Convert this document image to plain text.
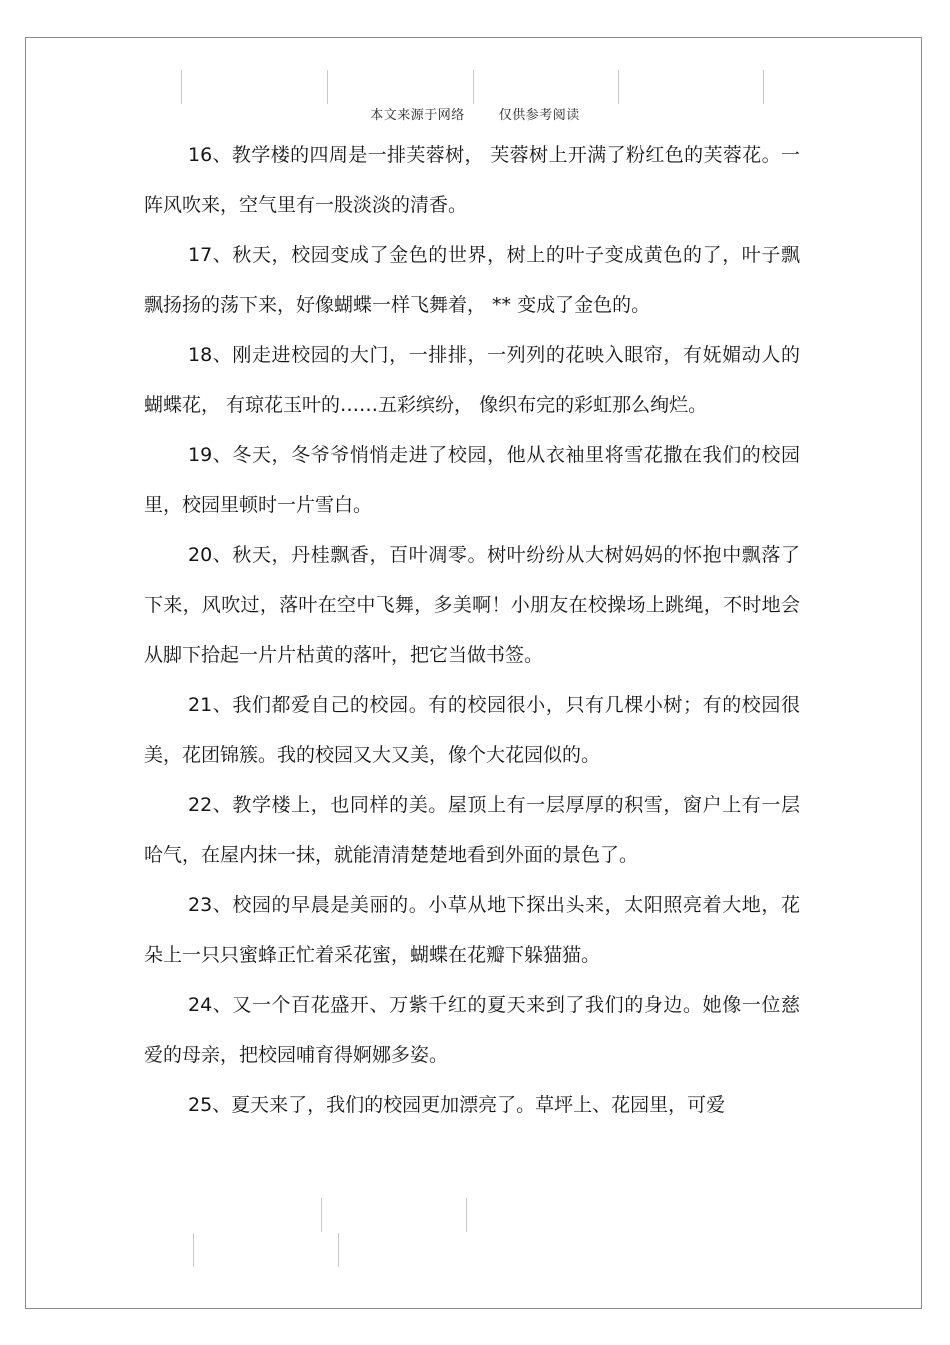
本文来源于网络	仅供参考阅读

16、教学楼的四周是一排芙蓉树， 芙蓉树上开满了粉红色的芙蓉花。一阵风吹来，空气里有一股淡淡的清香。

17、秋天，校园变成了金色的世界，树上的叶子变成黄色的了，叶子飘飘扬扬的荡下来，好像蝴蝶一样飞舞着， ** 变成了金色的。

18、刚走进校园的大门，一排排，一列列的花映入眼帘，有妩媚动人的蝴蝶花， 有琼花玉叶的……五彩缤纷， 像织布完的彩虹那么绚烂。

19、冬天，冬爷爷悄悄走进了校园，他从衣袖里将雪花撒在我们的校园里，校园里顿时一片雪白。

20、秋天，丹桂飘香，百叶凋零。树叶纷纷从大树妈妈的怀抱中飘落了下来，风吹过，落叶在空中飞舞，多美啊！小朋友在校操场上跳绳，不时地会从脚下拾起一片片枯黄的落叶，把它当做书签。

21、我们都爱自己的校园。有的校园很小，只有几棵小树；有的校园很美，花团锦簇。我的校园又大又美，像个大花园似的。

22、教学楼上，也同样的美。屋顶上有一层厚厚的积雪，窗户上有一层哈气，在屋内抹一抹，就能清清楚楚地看到外面的景色了。

23、校园的早晨是美丽的。小草从地下探出头来，太阳照亮着大地，花朵上一只只蜜蜂正忙着采花蜜，蝴蝶在花瓣下躲猫猫。

24、又一个百花盛开、万紫千红的夏天来到了我们的身边。她像一位慈爱的母亲，把校园哺育得婀娜多姿。

25、夏天来了，我们的校园更加漂亮了。草坪上、花园里，可爱
